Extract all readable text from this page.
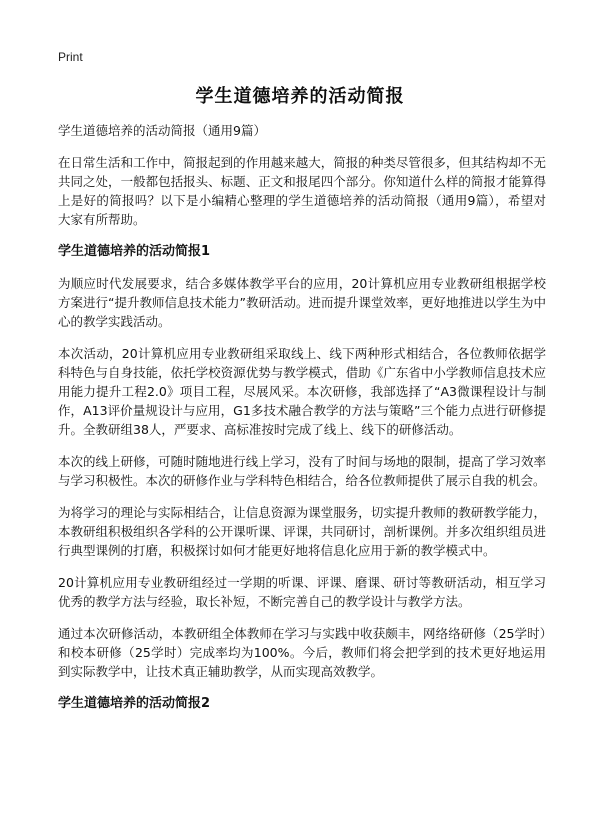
Print
学生道德培养的活动简报
学生道德培养的活动简报（通用9篇）
在日常生活和工作中，简报起到的作用越来越大，简报的种类尽管很多，但其结构却不无共同之处，一般都包括报头、标题、正文和报尾四个部分。你知道什么样的简报才能算得上是好的简报吗？以下是小编精心整理的学生道德培养的活动简报（通用9篇），希望对大家有所帮助。
学生道德培养的活动简报1
为顺应时代发展要求，结合多媒体教学平台的应用，20计算机应用专业教研组根据学校方案进行“提升教师信息技术能力”教研活动。进而提升课堂效率，更好地推进以学生为中心的教学实践活动。
本次活动，20计算机应用专业教研组采取线上、线下两种形式相结合，各位教师依据学科特色与自身技能，依托学校资源优势与教学模式，借助《广东省中小学教师信息技术应用能力提升工程2.0》项目工程，尽展风采。本次研修，我部选择了“A3微课程设计与制作，A13评价量规设计与应用，G1多技术融合教学的方法与策略”三个能力点进行研修提升。全教研组38人，严要求、高标准按时完成了线上、线下的研修活动。
本次的线上研修，可随时随地进行线上学习，没有了时间与场地的限制，提高了学习效率与学习积极性。本次的研修作业与学科特色相结合，给各位教师提供了展示自我的机会。
为将学习的理论与实际相结合，让信息资源为课堂服务，切实提升教师的教研教学能力，本教研组积极组织各学科的公开课听课、评课，共同研讨，剖析课例。并多次组织组员进行典型课例的打磨，积极探讨如何才能更好地将信息化应用于新的教学模式中。
20计算机应用专业教研组经过一学期的听课、评课、磨课、研讨等教研活动，相互学习优秀的教学方法与经验，取长补短，不断完善自己的教学设计与教学方法。
通过本次研修活动，本教研组全体教师在学习与实践中收获颇丰，网络络研修（25学时）和校本研修（25学时）完成率均为100%。今后，教师们将会把学到的技术更好地运用到实际教学中，让技术真正辅助教学，从而实现高效教学。
学生道德培养的活动简报2
